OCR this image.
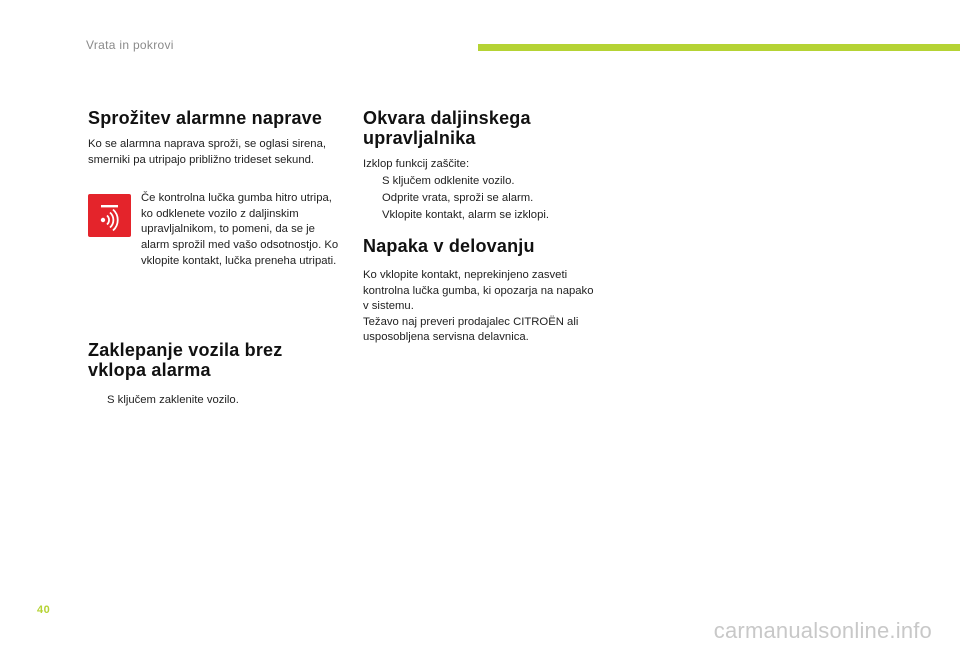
Vrata in pokrovi
Sprožitev alarmne naprave

Ko se alarmna naprava sproži, se oglasi sirena, smerniki pa utripajo približno trideset sekund.

Če kontrolna lučka gumba hitro utripa, ko odklenete vozilo z daljinskim upravljalnikom, to pomeni, da se je alarm sprožil med vašo odsotnostjo. Ko vklopite kontakt, lučka preneha utripati.
Zaklepanje vozila brez
vklopa alarma
S ključem zaklenite vozilo.
Okvara daljinskega
upravljalnika

Izklop funkcij zaščite:

S ključem odklenite vozilo.
Odprite vrata, sproži se alarm.
Vklopite kontakt, alarm se izklopi.
Napaka v delovanju

Ko vklopite kontakt, neprekinjeno zasveti
kontrolna lučka gumba, ki opozarja na napako
v sistemu.
Težavo naj preveri prodajalec CITROËN ali
usposobljena servisna delavnica.

40
carmanualsonline.info
